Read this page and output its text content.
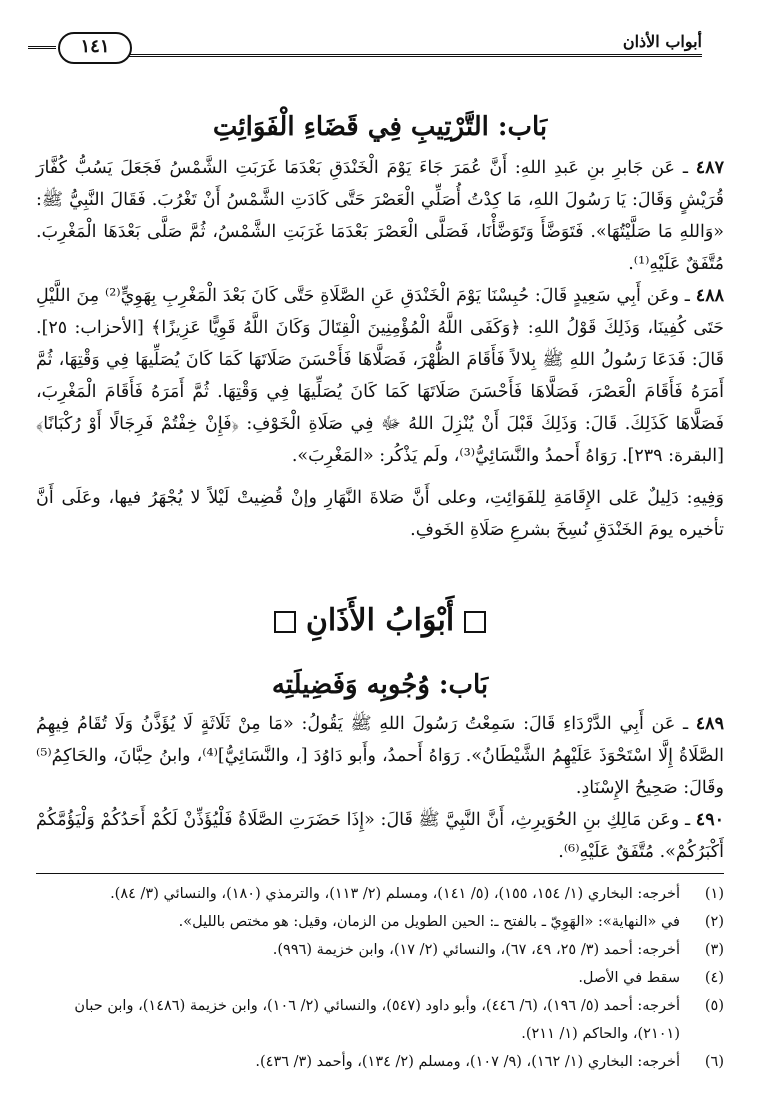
أبواب الأذان
١٤١
بَاب: التَّرْتِيبِ فِي قَضَاءِ الْفَوَائِتِ

٤٨٧ ـ عَن جَابرِ بنِ عَبدِ اللهِ: أَنَّ عُمَرَ جَاءَ يَوْمَ الْخَنْدَقِ بَعْدَمَا غَرَبَتِ الشَّمْسُ فَجَعَلَ يَسُبُّ كُفَّارَ قُرَيْشٍ وَقَالَ: يَا رَسُولَ اللهِ، مَا كِدْتُ أُصَلِّي الْعَصْرَ حَتَّى كَادَتِ الشَّمْسُ أَنْ تَغْرُبَ. فَقَالَ النَّبِيُّ ﷺ: «وَاللهِ مَا صَلَّيْتُهَا». فَتَوَضَّأَ وَتَوَضَّأْنَا، فَصَلَّى الْعَصْرَ بَعْدَمَا غَرَبَتِ الشَّمْسُ، ثُمَّ صَلَّى بَعْدَهَا الْمَغْرِبَ. مُتَّفَقٌ عَلَيْهِ⁽¹⁾.

٤٨٨ ـ وعَن أَبِي سَعِيدٍ قَالَ: حُبِسْنَا يَوْمَ الْخَنْدَقِ عَنِ الصَّلَاةِ حَتَّى كَانَ بَعْدَ الْمَغْرِبِ بِهَوِيٍّ⁽²⁾ مِنَ اللَّيْلِ حَتَى كُفِينَا، وَذَلِكَ قَوْلُ اللهِ: ﴿وَكَفَى اللَّهُ الْمُؤْمِنِينَ الْقِتَالَ وَكَانَ اللَّهُ قَوِيًّا عَزِيزًا﴾ [الأحزاب: ٢٥]. قَالَ: فَدَعَا رَسُولُ اللهِ ﷺ بِلالاً فَأَقَامَ الظُّهْرَ، فَصَلَّاهَا فَأَحْسَنَ صَلَاتَهَا كَمَا كَانَ يُصَلِّيهَا فِي وَقْتِهَا، ثُمَّ أَمَرَهُ فَأَقَامَ الْعَصْرَ، فَصَلَّاهَا فَأَحْسَنَ صَلَاتَهَا كَمَا كَانَ يُصَلِّيهَا فِي وَقْتِهَا. ثُمَّ أَمَرَهُ فَأَقَامَ الْمَغْرِبَ، فَصَلَّاهَا كَذَلِكَ. قَالَ: وَذَلِكَ قَبْلَ أَنْ يُنْزِلَ اللهُ ﷻ فِي صَلَاةِ الْخَوْفِ: ﴿فَإِنْ خِفْتُمْ فَرِجَالًا أَوْ رُكْبَانًا﴾ [البقرة: ٢٣٩]. رَوَاهُ أَحمدُ والنَّسَائِيُّ⁽³⁾، ولَم يَذْكُر: «المَغْرِبَ».

وَفِيهِ: دَلِيلٌ عَلى الإِقَامَةِ لِلفَوَائِتِ، وعلى أَنَّ صَلاةَ النَّهَارِ وإنْ قُضِيتْ لَيْلاً لا يُجْهَرُ فيها، وعَلَى أَنَّ تأخيره يومَ الخَنْدَقِ نُسِخَ بشرعِ صَلَاةِ الخَوفِ.

أَبْوَابُ الأَذَانِ
بَاب: وُجُوبِه وَفَضِيلَتِه

٤٨٩ ـ عَن أَبِي الدَّرْدَاءِ قَالَ: سَمِعْتُ رَسُولَ اللهِ ﷺ يَقُولُ: «مَا مِنْ ثَلَاثَةٍ لَا يُؤَذَّنُ وَلَا تُقَامُ فِيهِمُ الصَّلَاةُ إِلَّا اسْتَحْوَذَ عَلَيْهِمُ الشَّيْطَانُ». رَوَاهُ أَحمدُ، وأَبو دَاوُدَ [، والنَّسَائِيُّ]⁽⁴⁾، وابنُ حِبَّانَ، والحَاكِمُ⁽⁵⁾ وقَالَ: صَحِيحُ الإِسْنَادِ.

٤٩٠ ـ وعَن مَالِكِ بنِ الحُوَيرِثِ، أَنَّ النَّبِيَّ ﷺ قَالَ: «إِذَا حَضَرَتِ الصَّلَاةُ فَلْيُؤَذِّنْ لَكُمْ أَحَدُكُمْ وَلْيَؤُمَّكُمْ أَكْبَرُكُمْ». مُتَّفَقٌ عَلَيْهِ⁽⁶⁾.

(١)
أخرجه: البخاري (١/ ١٥٤، ١٥٥)، (٥/ ١٤١)، ومسلم (٢/ ١١٣)، والترمذي (١٨٠)، والنسائي (٣/ ٨٤).
(٢)
في «النهاية»: «الهَوِيّ ـ بالفتح ـ: الحين الطويل من الزمان، وقيل: هو مختص بالليل».
(٣)
أخرجه: أحمد (٣/ ٢٥، ٤٩، ٦٧)، والنسائي (٢/ ١٧)، وابن خزيمة (٩٩٦).
(٤)
سقط في الأصل.
(٥)
أخرجه: أحمد (٥/ ١٩٦)، (٦/ ٤٤٦)، وأبو داود (٥٤٧)، والنسائي (٢/ ١٠٦)، وابن خزيمة (١٤٨٦)، وابن حبان (٢١٠١)، والحاكم (١/ ٢١١).
(٦)
أخرجه: البخاري (١/ ١٦٢)، (٩/ ١٠٧)، ومسلم (٢/ ١٣٤)، وأحمد (٣/ ٤٣٦).
